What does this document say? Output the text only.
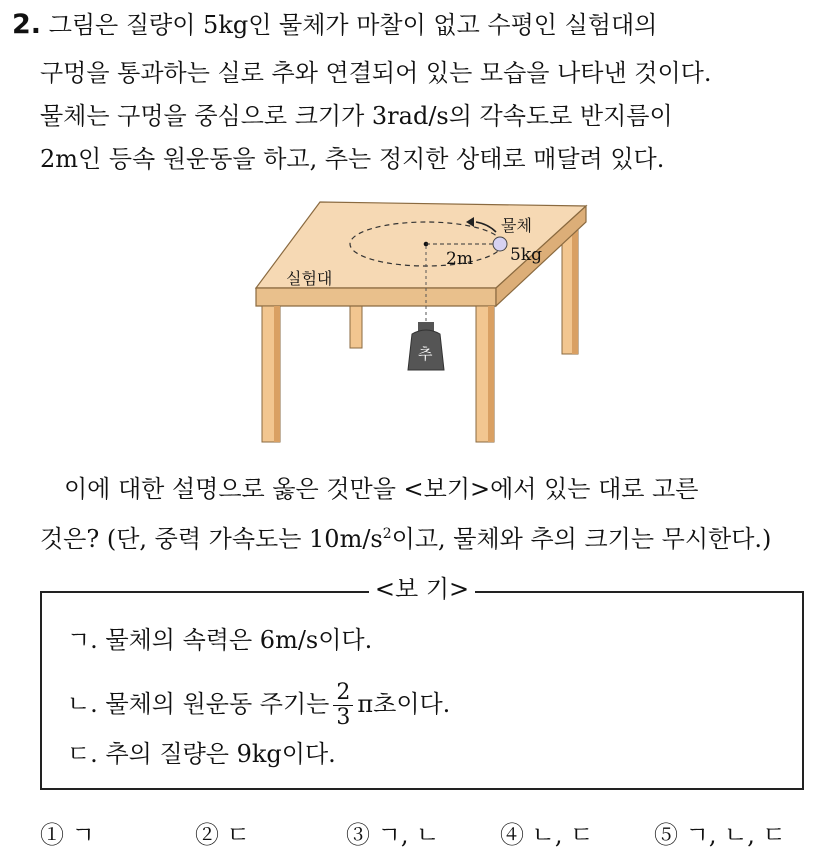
2. 그림은 질량이 5kg인 물체가 마찰이 없고 수평인 실험대의
구멍을 통과하는 실로 추와 연결되어 있는 모습을 나타낸 것이다.
물체는 구멍을 중심으로 크기가 3rad/s의 각속도로 반지름이
2m인 등속 원운동을 하고, 추는 정지한 상태로 매달려 있다.
물체
5kg
2m
실험대
추
이에 대한 설명으로 옳은 것만을 <보기>에서 있는 대로 고른
것은? (단, 중력 가속도는 $10m/s^2$이고, 물체와 추의 크기는 무시한다.)
<보 기>
ㄱ. 물체의 속력은 6m/s이다.
ㄴ. 물체의 원운동 주기는 $\frac{2}{3}$ π초이다.
ㄷ. 추의 질량은 9kg이다.
① ㄱ	② ㄷ	③ ㄱ, ㄴ	④ ㄴ, ㄷ	⑤ ㄱ, ㄴ, ㄷ
